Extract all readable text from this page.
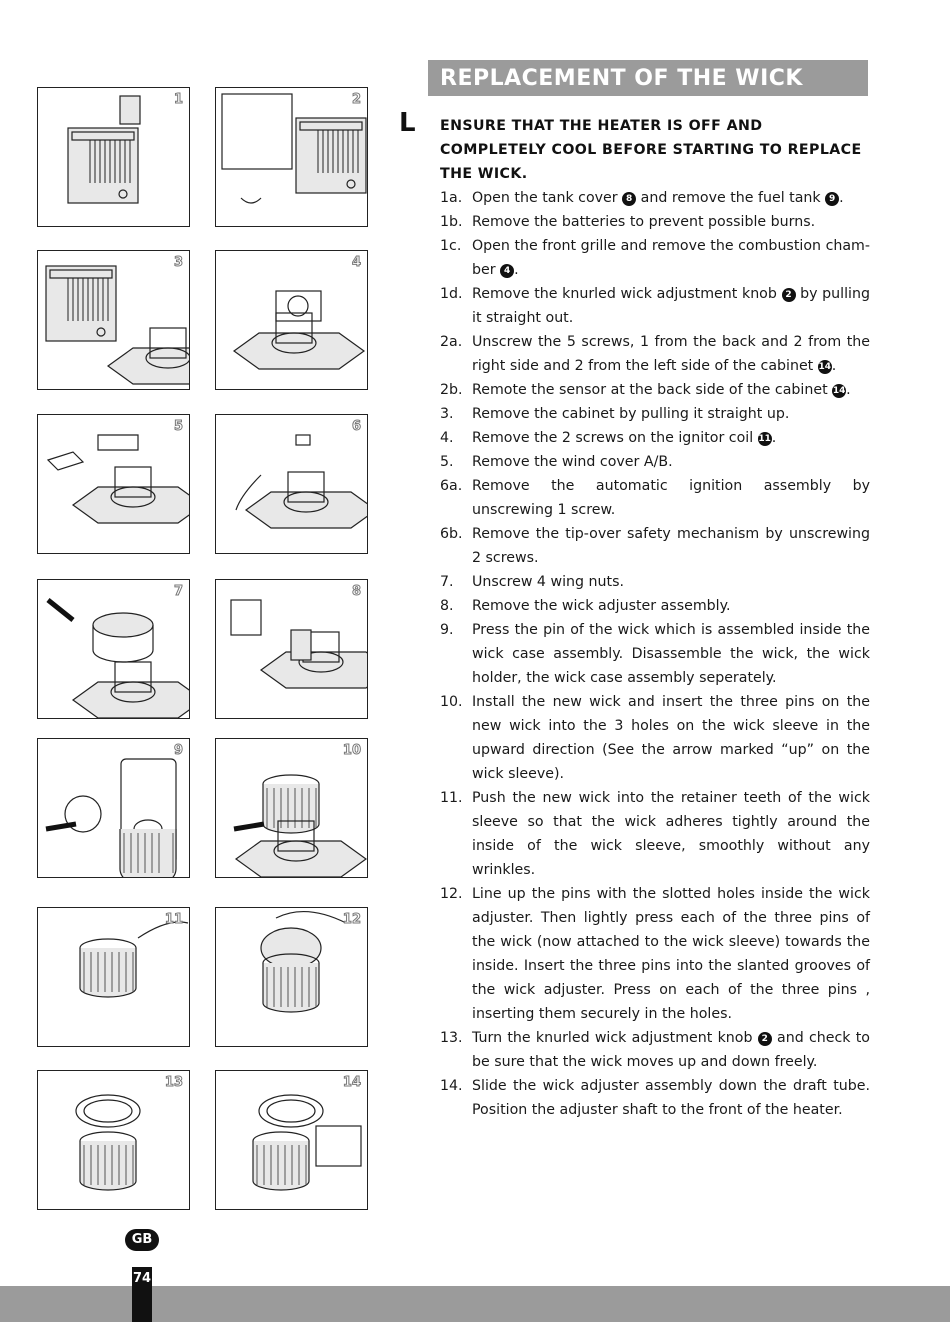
1	2
3	4
5	6
7	8
9	10
11	12
13	14
REPLACEMENT OF THE WICK
L ENSURE THAT THE HEATER IS OFF AND COMPLETELY COOL BEFORE STARTING TO REPLACE THE WICK.
1a. Open the tank cover 8 and remove the fuel tank 9 .
1b. Remove the batteries to prevent possible burns.
1c. Open the front grille and remove the combustion cham-ber 4 .
1d. Remove the knurled wick adjustment knob 2 by pulling it straight out.
2a. Unscrew the 5 screws, 1 from the back and 2 from the right side and 2 from the left side of the cabinet 14.
2b. Remote the sensor at the back side of the cabinet 14.
3.	Remove the cabinet by pulling it straight up.
4.	Remove the 2 screws on the ignitor coil 11.
5.	Remove the wind cover A/B.
6a. Remove the automatic ignition assembly by unscrewing 1 screw.
6b. Remove the tip-over safety mechanism by unscrewing 2 screws.
7.	Unscrew 4 wing nuts.
8.	Remove the wick adjuster assembly.
9.	Press the pin of the wick which is assembled inside the wick case assembly. Disassemble the wick, the wick holder, the wick case assembly seperately.
10. Install the new wick and insert the three pins on the new wick into the 3 holes on the wick sleeve in the upward direction (See the arrow marked “up” on the wick sleeve).
11. Push the new wick into the retainer teeth of the wick sleeve so that the wick adheres tightly around the inside of the wick sleeve, smoothly without any wrinkles.
12. Line up the pins with the slotted holes inside the wick adjuster. Then lightly press each of the three pins of the wick (now attached to the wick sleeve) towards the inside. Insert the three pins into the slanted grooves of the wick adjuster. Press on each of the three pins , inserting them securely in the holes.
13. Turn the knurled wick adjustment knob 2 and check to be sure that the wick moves up and down freely.
14. Slide the wick adjuster assembly down the draft tube. Position the adjuster shaft to the front of the heater.
GB
74
